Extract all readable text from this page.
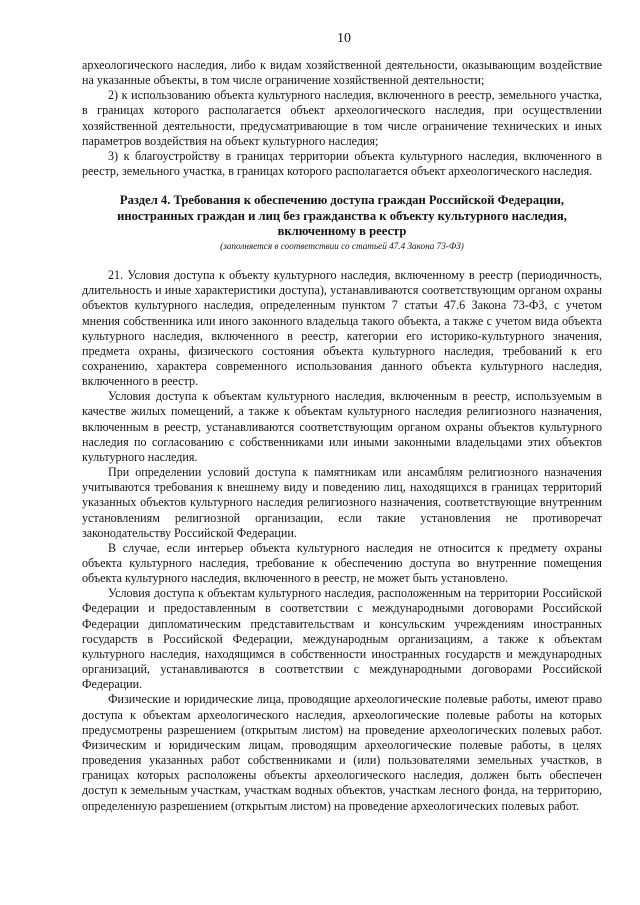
10

археологического наследия, либо к видам хозяйственной деятельности, оказывающим воздействие на указанные объекты, в том числе ограничение хозяйственной деятельности;

2) к использованию объекта культурного наследия, включенного в реестр, земельного участка, в границах которого располагается объект археологического наследия, при осуществлении хозяйственной деятельности, предусматривающие в том числе ограничение технических и иных параметров воздействия на объект культурного наследия;

3) к благоустройству в границах территории объекта культурного наследия, включенного в реестр, земельного участка, в границах которого располагается объект археологического наследия.

Раздел 4. Требования к обеспечению доступа граждан Российской Федерации, иностранных граждан и лиц без гражданства к объекту культурного наследия, включенному в реестр
(заполняется в соответствии со статьей 47.4 Закона 73-ФЗ)

21. Условия доступа к объекту культурного наследия, включенному в реестр (периодичность, длительность и иные характеристики доступа), устанавливаются соответствующим органом охраны объектов культурного наследия, определенным пунктом 7 статьи 47.6 Закона 73-ФЗ, с учетом мнения собственника или иного законного владельца такого объекта, а также с учетом вида объекта культурного наследия, включенного в реестр, категории его историко-культурного значения, предмета охраны, физического состояния объекта культурного наследия, требований к его сохранению, характера современного использования данного объекта культурного наследия, включенного в реестр.

Условия доступа к объектам культурного наследия, включенным в реестр, используемым в качестве жилых помещений, а также к объектам культурного наследия религиозного назначения, включенным в реестр, устанавливаются соответствующим органом охраны объектов культурного наследия по согласованию с собственниками или иными законными владельцами этих объектов культурного наследия.

При определении условий доступа к памятникам или ансамблям религиозного назначения учитываются требования к внешнему виду и поведению лиц, находящихся в границах территорий указанных объектов культурного наследия религиозного назначения, соответствующие внутренним установлениям религиозной организации, если такие установления не противоречат законодательству Российской Федерации.

В случае, если интерьер объекта культурного наследия не относится к предмету охраны объекта культурного наследия, требование к обеспечению доступа во внутренние помещения объекта культурного наследия, включенного в реестр, не может быть установлено.

Условия доступа к объектам культурного наследия, расположенным на территории Российской Федерации и предоставленным в соответствии с международными договорами Российской Федерации дипломатическим представительствам и консульским учреждениям иностранных государств в Российской Федерации, международным организациям, а также к объектам культурного наследия, находящимся в собственности иностранных государств и международных организаций, устанавливаются в соответствии с международными договорами Российской Федерации.

Физические и юридические лица, проводящие археологические полевые работы, имеют право доступа к объектам археологического наследия, археологические полевые работы на которых предусмотрены разрешением (открытым листом) на проведение археологических полевых работ. Физическим и юридическим лицам, проводящим археологические полевые работы, в целях проведения указанных работ собственниками и (или) пользователями земельных участков, в границах которых расположены объекты археологического наследия, должен быть обеспечен доступ к земельным участкам, участкам водных объектов, участкам лесного фонда, на территорию, определенную разрешением (открытым листом) на проведение археологических полевых работ.
